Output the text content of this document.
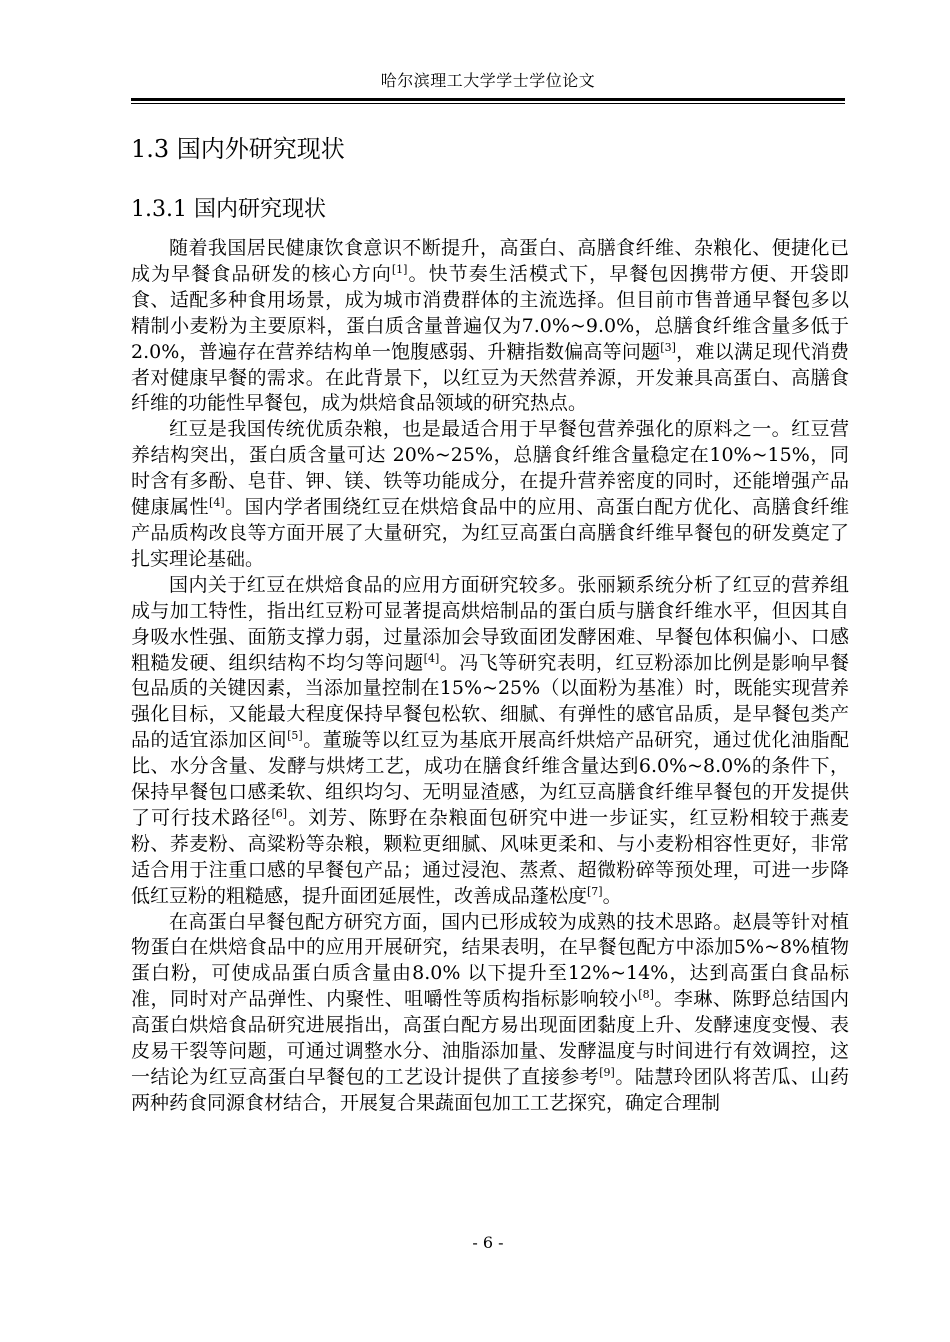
哈尔滨理工大学学士学位论文
1.3 国内外研究现状
1.3.1 国内研究现状

随着我国居民健康饮食意识不断提升，高蛋白、高膳食纤维、杂粮化、便捷化已成为早餐食品研发的核心方向[1]。快节奏生活模式下，早餐包因携带方便、开袋即食、适配多种食用场景，成为城市消费群体的主流选择。但目前市售普通早餐包多以精制小麦粉为主要原料，蛋白质含量普遍仅为7.0%~9.0%，总膳食纤维含量多低于2.0%，普遍存在营养结构单一饱腹感弱、升糖指数偏高等问题[3]，难以满足现代消费者对健康早餐的需求。在此背景下，以红豆为天然营养源，开发兼具高蛋白、高膳食纤维的功能性早餐包，成为烘焙食品领域的研究热点。

红豆是我国传统优质杂粮，也是最适合用于早餐包营养强化的原料之一。红豆营养结构突出，蛋白质含量可达 20%~25%，总膳食纤维含量稳定在10%~15%，同时含有多酚、皂苷、钾、镁、铁等功能成分，在提升营养密度的同时，还能增强产品健康属性[4]。国内学者围绕红豆在烘焙食品中的应用、高蛋白配方优化、高膳食纤维产品质构改良等方面开展了大量研究，为红豆高蛋白高膳食纤维早餐包的研发奠定了扎实理论基础。

国内关于红豆在烘焙食品的应用方面研究较多。张丽颖系统分析了红豆的营养组成与加工特性，指出红豆粉可显著提高烘焙制品的蛋白质与膳食纤维水平，但因其自身吸水性强、面筋支撑力弱，过量添加会导致面团发酵困难、早餐包体积偏小、口感粗糙发硬、组织结构不均匀等问题[4]。冯飞等研究表明，红豆粉添加比例是影响早餐包品质的关键因素，当添加量控制在15%~25%（以面粉为基准）时，既能实现营养强化目标，又能最大程度保持早餐包松软、细腻、有弹性的感官品质，是早餐包类产品的适宜添加区间[5]。董璇等以红豆为基底开展高纤烘焙产品研究，通过优化油脂配比、水分含量、发酵与烘烤工艺，成功在膳食纤维含量达到6.0%~8.0%的条件下，保持早餐包口感柔软、组织均匀、无明显渣感，为红豆高膳食纤维早餐包的开发提供了可行技术路径[6]。刘芳、陈野在杂粮面包研究中进一步证实，红豆粉相较于燕麦粉、荞麦粉、高粱粉等杂粮，颗粒更细腻、风味更柔和、与小麦粉相容性更好，非常适合用于注重口感的早餐包产品；通过浸泡、蒸煮、超微粉碎等预处理，可进一步降低红豆粉的粗糙感，提升面团延展性，改善成品蓬松度[7]。

在高蛋白早餐包配方研究方面，国内已形成较为成熟的技术思路。赵晨等针对植物蛋白在烘焙食品中的应用开展研究，结果表明，在早餐包配方中添加5%~8%植物蛋白粉，可使成品蛋白质含量由8.0% 以下提升至12%~14%，达到高蛋白食品标准，同时对产品弹性、内聚性、咀嚼性等质构指标影响较小[8]。李琳、陈野总结国内高蛋白烘焙食品研究进展指出，高蛋白配方易出现面团黏度上升、发酵速度变慢、表皮易干裂等问题，可通过调整水分、油脂添加量、发酵温度与时间进行有效调控，这一结论为红豆高蛋白早餐包的工艺设计提供了直接参考[9]。陆慧玲团队将苦瓜、山药两种药食同源食材结合，开展复合果蔬面包加工工艺探究，确定合理制

- 6 -
